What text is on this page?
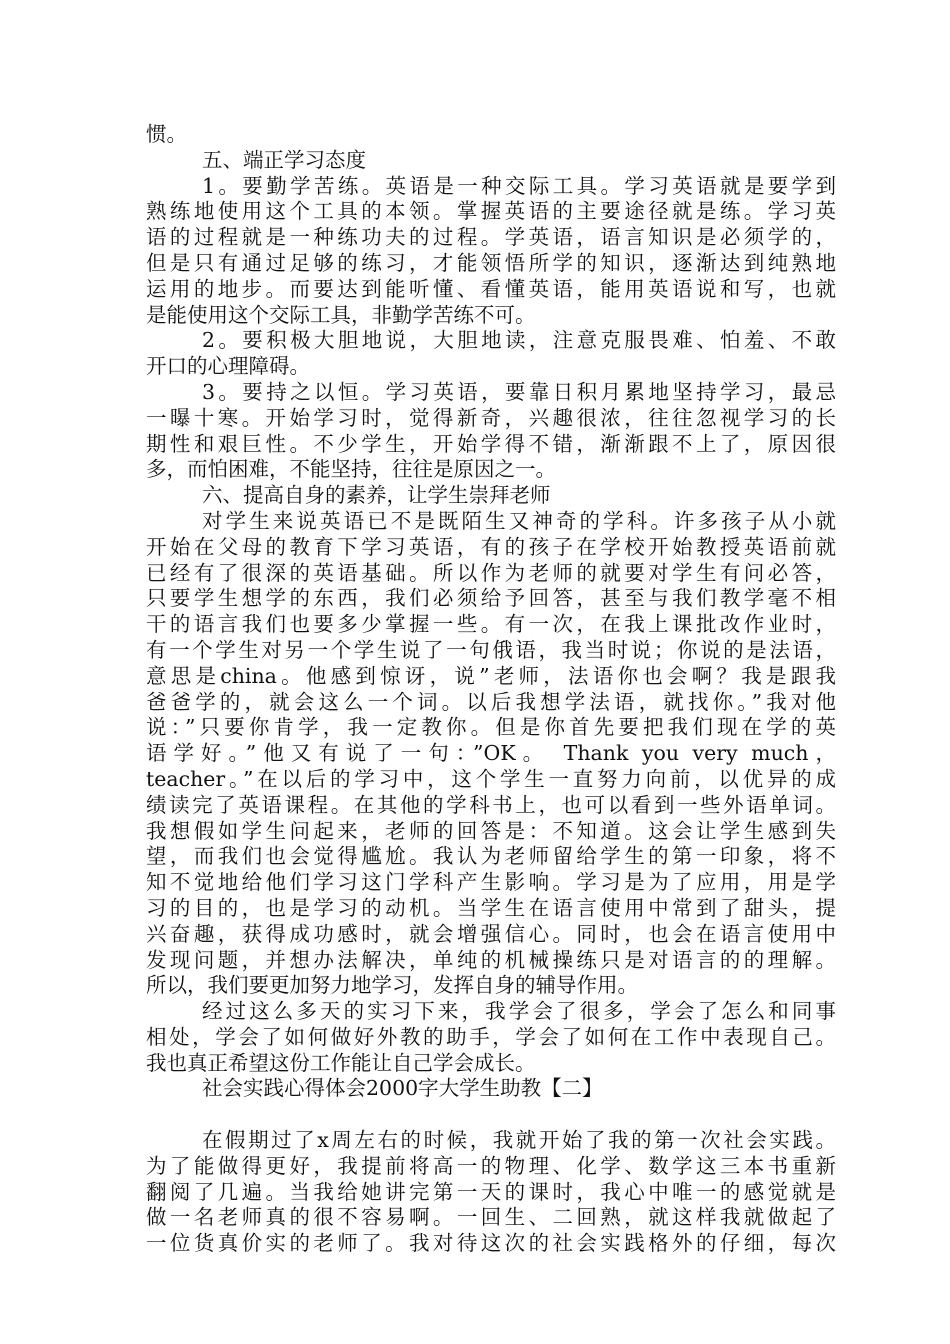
惯。
五、端正学习态度
1。要勤学苦练。英语是一种交际工具。学习英语就是要学到
熟练地使用这个工具的本领。掌握英语的主要途径就是练。学习英
语的过程就是一种练功夫的过程。学英语，语言知识是必须学的，
但是只有通过足够的练习，才能领悟所学的知识，逐渐达到纯熟地
运用的地步。而要达到能听懂、看懂英语，能用英语说和写，也就
是能使用这个交际工具，非勤学苦练不可。
2。要积极大胆地说，大胆地读，注意克服畏难、怕羞、不敢
开口的心理障碍。
3。要持之以恒。学习英语，要靠日积月累地坚持学习，最忌
一曝十寒。开始学习时，觉得新奇，兴趣很浓，往往忽视学习的长
期性和艰巨性。不少学生，开始学得不错，渐渐跟不上了，原因很
多，而怕困难，不能坚持，往往是原因之一。
六、提高自身的素养，让学生崇拜老师
对学生来说英语已不是既陌生又神奇的学科。许多孩子从小就
开始在父母的教育下学习英语，有的孩子在学校开始教授英语前就
已经有了很深的英语基础。所以作为老师的就要对学生有问必答，
只要学生想学的东西，我们必须给予回答，甚至与我们教学毫不相
干的语言我们也要多少掌握一些。有一次，在我上课批改作业时，
有一个学生对另一个学生说了一句俄语，我当时说；你说的是法语，
意思是china。他感到惊讶，说”老师，法语你也会啊？我是跟我
爸爸学的，就会这么一个词。以后我想学法语，就找你。”我对他
说：”只要你肯学，我一定教你。但是你首先要把我们现在学的英
语学好。”他又有说了一句：”OK。 Thank you very much，
teacher。”在以后的学习中，这个学生一直努力向前，以优异的成
绩读完了英语课程。在其他的学科书上，也可以看到一些外语单词。
我想假如学生问起来，老师的回答是：不知道。这会让学生感到失
望，而我们也会觉得尴尬。我认为老师留给学生的第一印象，将不
知不觉地给他们学习这门学科产生影响。学习是为了应用，用是学
习的目的，也是学习的动机。当学生在语言使用中常到了甜头，提
兴奋趣，获得成功感时，就会增强信心。同时，也会在语言使用中
发现问题，并想办法解决，单纯的机械操练只是对语言的的理解。
所以，我们要更加努力地学习，发挥自身的辅导作用。
经过这么多天的实习下来，我学会了很多，学会了怎么和同事
相处，学会了如何做好外教的助手，学会了如何在工作中表现自己。
我也真正希望这份工作能让自己学会成长。
社会实践心得体会2000字大学生助教【二】
在假期过了x周左右的时候，我就开始了我的第一次社会实践。
为了能做得更好，我提前将高一的物理、化学、数学这三本书重新
翻阅了几遍。当我给她讲完第一天的课时，我心中唯一的感觉就是
做一名老师真的很不容易啊。一回生、二回熟，就这样我就做起了
一位货真价实的老师了。我对待这次的社会实践格外的仔细，每次
